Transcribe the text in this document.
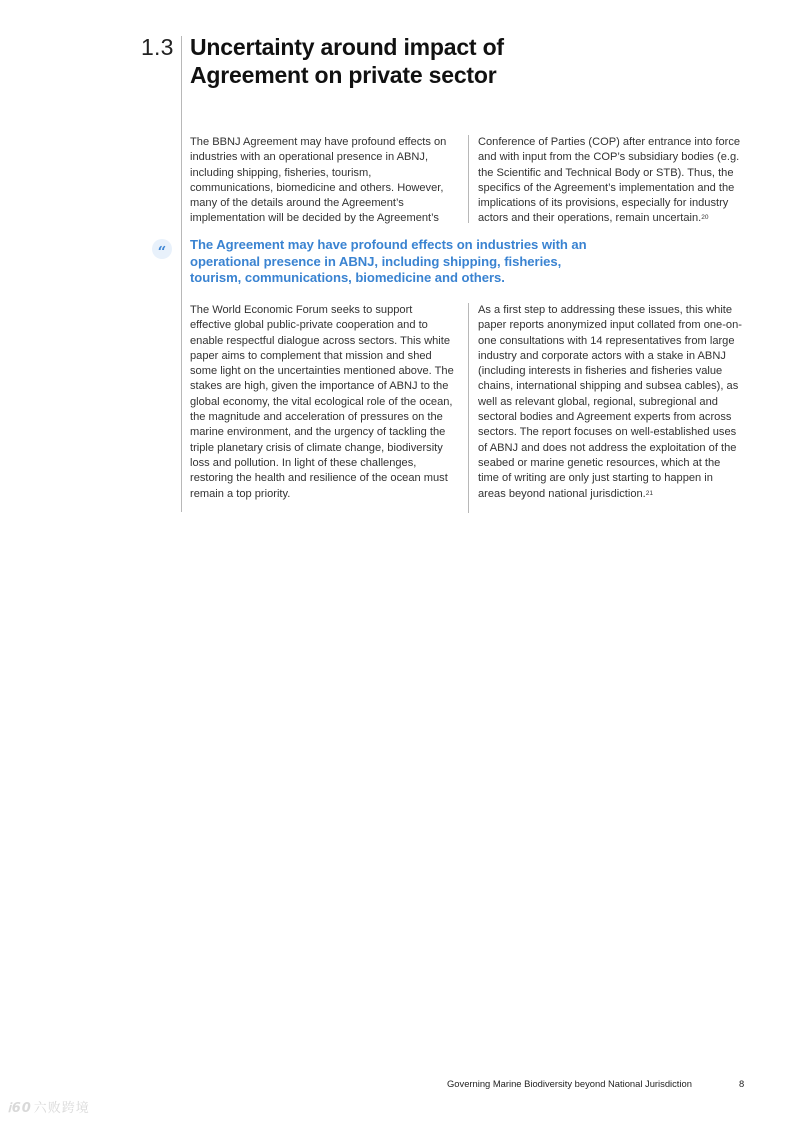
1.3 Uncertainty around impact of Agreement on private sector

The BBNJ Agreement may have profound effects on industries with an operational presence in ABNJ, including shipping, fisheries, tourism, communications, biomedicine and others. However, many of the details around the Agreement’s implementation will be decided by the Agreement’s

Conference of Parties (COP) after entrance into force and with input from the COP’s subsidiary bodies (e.g. the Scientific and Technical Body or STB). Thus, the specifics of the Agreement’s implementation and the implications of its provisions, especially for industry actors and their operations, remain uncertain.$^{20}$

“	The Agreement may have profound effects on industries with an operational presence in ABNJ, including shipping, fisheries, tourism, communications, biomedicine and others.

The World Economic Forum seeks to support effective global public-private cooperation and to enable respectful dialogue across sectors. This white paper aims to complement that mission and shed some light on the uncertainties mentioned above. The stakes are high, given the importance of ABNJ to the global economy, the vital ecological role of the ocean, the magnitude and acceleration of pressures on the marine environment, and the urgency of tackling the triple planetary crisis of climate change, biodiversity loss and pollution. In light of these challenges, restoring the health and resilience of the ocean must remain a top priority.

As a first step to addressing these issues, this white paper reports anonymized input collated from one-on-one consultations with 14 representatives from large industry and corporate actors with a stake in ABNJ (including interests in fisheries and fisheries value chains, international shipping and subsea cables), as well as relevant global, regional, subregional and sectoral bodies and Agreement experts from across sectors. The report focuses on well-established uses of ABNJ and does not address the exploitation of the seabed or marine genetic resources, which at the time of writing are only just starting to happen in areas beyond national jurisdiction.$^{21}$

Governing Marine Biodiversity beyond National Jurisdiction	8
Ꭵ60 六败跨境
